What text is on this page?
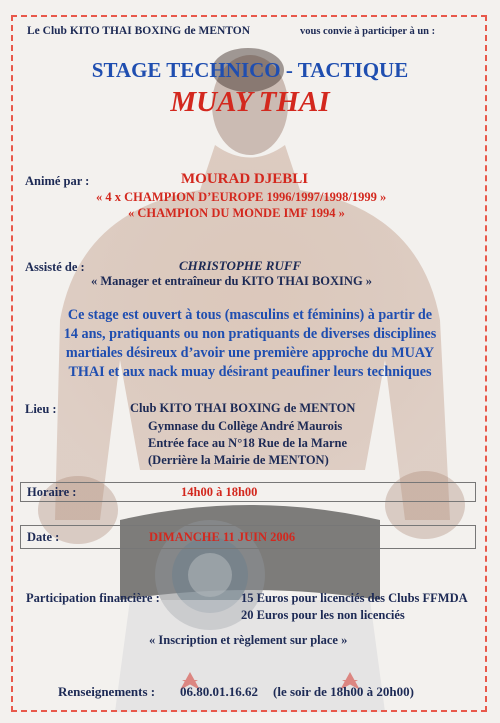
Le Club KITO THAI BOXING de MENTON	vous convie à participer à un :
STAGE TECHNICO - TACTIQUE
MUAY THAI
Animé par :	MOURAD DJEBLI
« 4 x CHAMPION D’EUROPE 1996/1997/1998/1999 »
« CHAMPION DU MONDE IMF 1994 »
Assisté de :	CHRISTOPHE RUFF
« Manager et entraîneur du KITO THAI BOXING »
Ce stage est ouvert à tous (masculins et féminins) à partir de
14 ans, pratiquants ou non pratiquants de diverses disciplines
martiales désireux d’avoir une première approche du MUAY
THAI et aux nack muay désirant peaufiner leurs techniques
Lieu :	Club KITO THAI BOXING de MENTON
Gymnase du Collège André Maurois
Entrée face au N°18 Rue de la Marne
(Derrière la Mairie de MENTON)
Horaire :	14h00 à 18h00
Date :	DIMANCHE 11 JUIN 2006
Participation financière :	15 Euros pour licenciés des Clubs FFMDA
20 Euros pour les non licenciés
« Inscription et règlement sur place »
Renseignements : 06.80.01.16.62 (le soir de 18h00 à 20h00)
